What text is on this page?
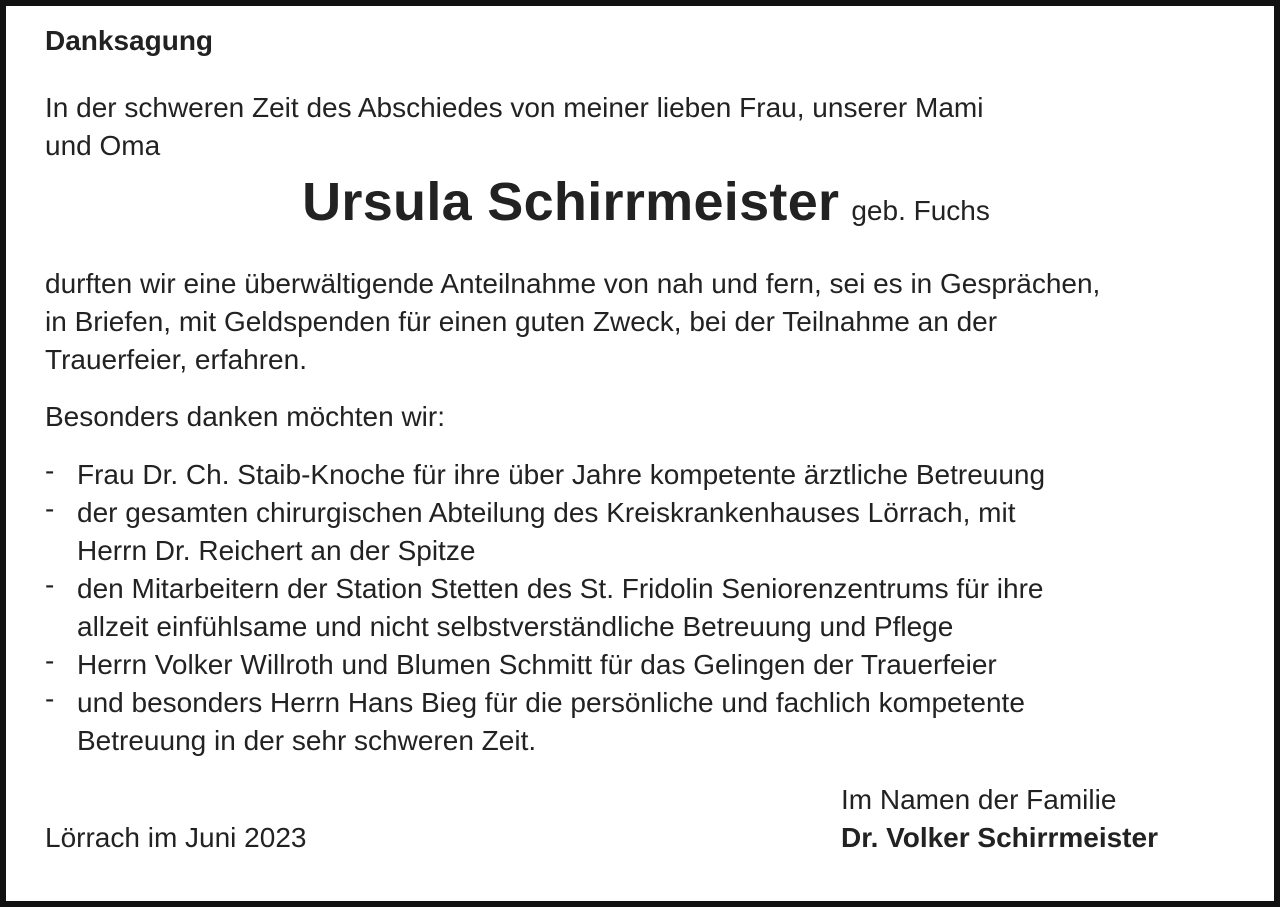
Danksagung
In der schweren Zeit des Abschiedes von meiner lieben Frau, unserer Mami
und Oma
Ursula Schirrmeister geb. Fuchs
durften wir eine überwältigende Anteilnahme von nah und fern, sei es in Gesprächen,
in Briefen, mit Geldspenden für einen guten Zweck, bei der Teilnahme an der
Trauerfeier, erfahren.
Besonders danken möchten wir:
- Frau Dr. Ch. Staib-Knoche für ihre über Jahre kompetente ärztliche Betreuung
- der gesamten chirurgischen Abteilung des Kreiskrankenhauses Lörrach, mit
Herrn Dr. Reichert an der Spitze
- den Mitarbeitern der Station Stetten des St. Fridolin Seniorenzentrums für ihre
allzeit einfühlsame und nicht selbstverständliche Betreuung und Pflege
- Herrn Volker Willroth und Blumen Schmitt für das Gelingen der Trauerfeier
- und besonders Herrn Hans Bieg für die persönliche und fachlich kompetente
Betreuung in der sehr schweren Zeit.
Lörrach im Juni 2023
Im Namen der Familie
Dr. Volker Schirrmeister
